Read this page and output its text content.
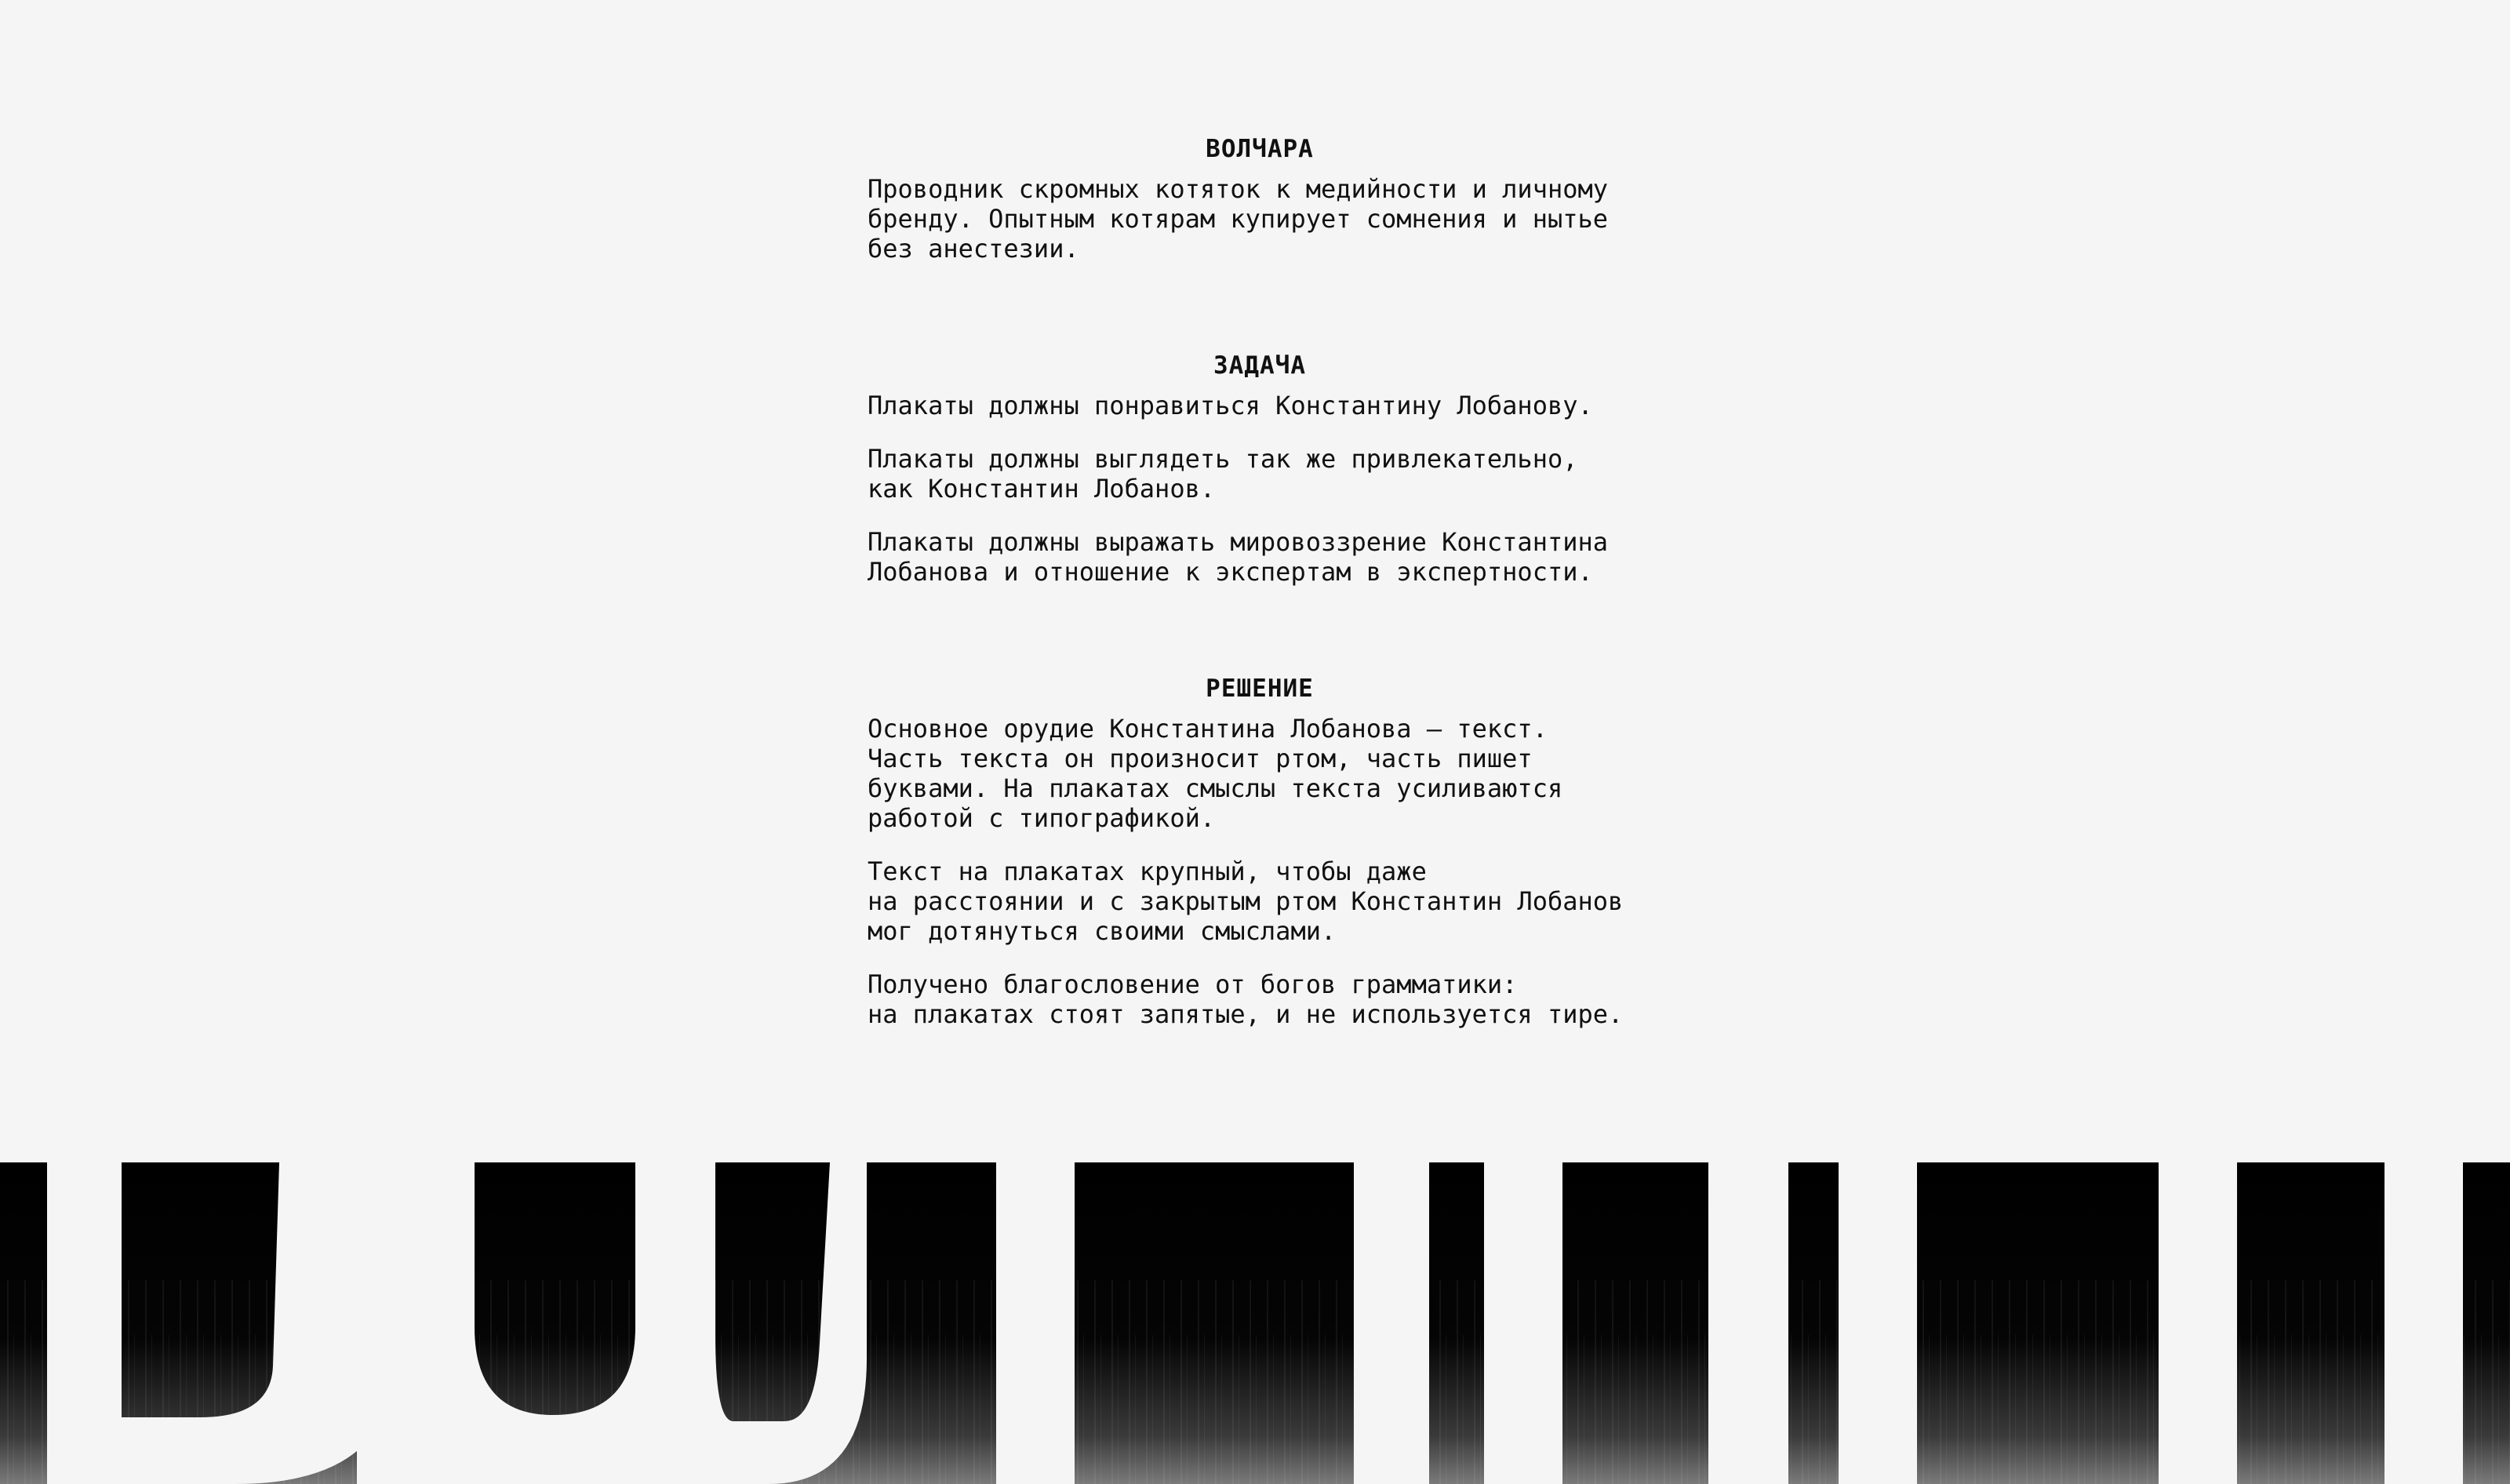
ВОЛЧАРА

Проводник скромных котяток к медийности и личному
бренду. Опытным котярам купирует сомнения и нытье
без анестезии.

ЗАДАЧА

Плакаты должны понравиться Константину Лобанову.

Плакаты должны выглядеть так же привлекательно,
как Константин Лобанов.

Плакаты должны выражать мировоззрение Константина
Лобанова и отношение к экспертам в экспертности.

РЕШЕНИЕ

Основное орудие Константина Лобанова — текст.
Часть текста он произносит ртом, часть пишет
буквами. На плакатах смыслы текста усиливаются
работой с типографикой.

Текст на плакатах крупный, чтобы даже
на расстоянии и с закрытым ртом Константин Лобанов
мог дотянуться своими смыслами.

Получено благословение от богов грамматики:
на плакатах стоят запятые, и не используется тире.
